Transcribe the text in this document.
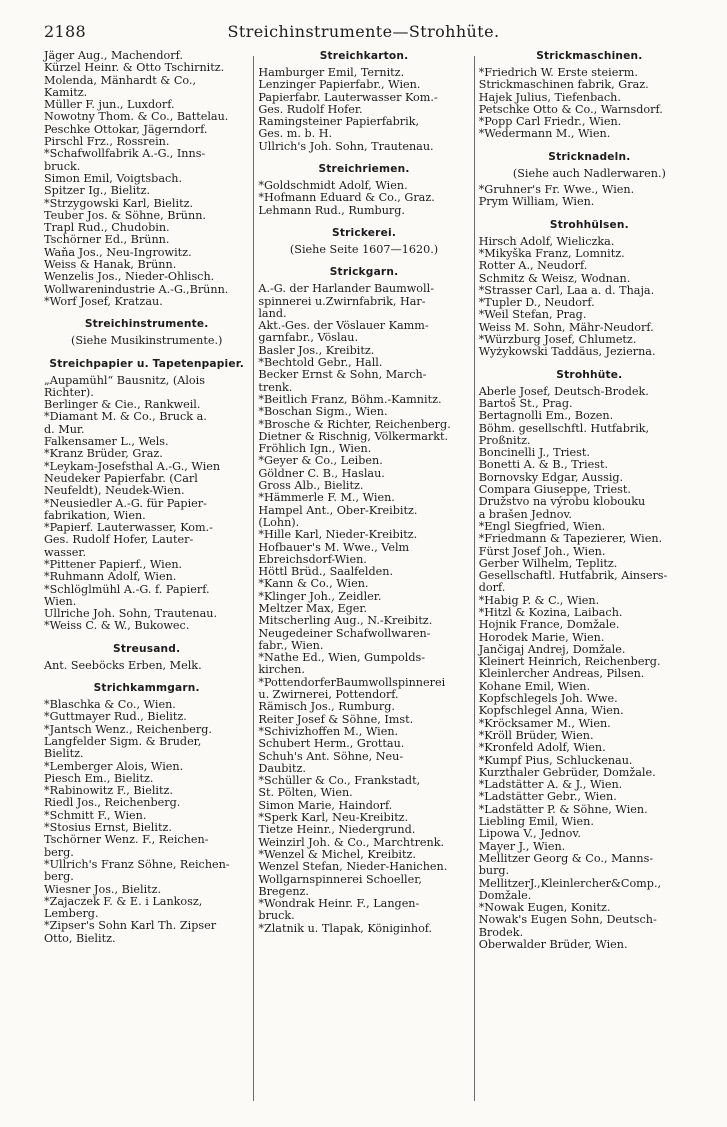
2188	Streichinstrumente—Strohhüte.
Jäger Aug., Machendorf.
Kürzel Heinr. & Otto Tschirnitz.
Molenda, Mänhardt & Co.,
Kamitz.
Müller F. jun., Luxdorf.
Nowotny Thom. & Co., Battelau.
Peschke Ottokar, Jägerndorf.
Pirschl Frz., Rossrein.
*Schafwollfabrik A.-G., Inns-
bruck.
Simon Emil, Voigtsbach.
Spitzer Ig., Bielitz.
*Strzygowski Karl, Bielitz.
Teuber Jos. & Söhne, Brünn.
Trapl Rud., Chudobin.
Tschörner Ed., Brünn.
Waňa Jos., Neu-Ingrowitz.
Weiss & Hanak, Brünn.
Wenzelis Jos., Nieder-Ohlisch.
Wollwarenindustrie A.-G.,Brünn.
*Worf Josef, Kratzau.
Streichinstrumente.
(Siehe Musikinstrumente.)
Streichpapier u. Tapetenpapier.
„Aupamühl“ Bausnitz, (Alois
Richter).
Berlinger & Cie., Rankweil.
*Diamant M. & Co., Bruck a.
d. Mur.
Falkensamer L., Wels.
*Kranz Brüder, Graz.
*Leykam-Josefsthal A.-G., Wien
Neudeker Papierfabr. (Carl
Neufeldt), Neudek-Wien.
*Neusiedler A.-G. für Papier-
fabrikation, Wien.
*Papierf. Lauterwasser, Kom.-
Ges. Rudolf Hofer, Lauter-
wasser.
*Pittener Papierf., Wien.
*Ruhmann Adolf, Wien.
*Schlöglmühl A.-G. f. Papierf.
Wien.
Ullriche Joh. Sohn, Trautenau.
*Weiss C. & W., Bukowec.
Streusand.
Ant. Seeböcks Erben, Melk.
Strichkammgarn.
*Blaschka & Co., Wien.
*Guttmayer Rud., Bielitz.
*Jantsch Wenz., Reichenberg.
Langfelder Sigm. & Bruder,
Bielitz.
*Lemberger Alois, Wien.
Piesch Em., Bielitz.
*Rabinowitz F., Bielitz.
Riedl Jos., Reichenberg.
*Schmitt F., Wien.
*Stosius Ernst, Bielitz.
Tschörner Wenz. F., Reichen-
berg.
*Ullrich's Franz Söhne, Reichen-
berg.
Wiesner Jos., Bielitz.
*Zajaczek F. & E. i Lankosz,
Lemberg.
*Zipser's Sohn Karl Th. Zipser
Otto, Bielitz.
Streichkarton.
Hamburger Emil, Ternitz.
Lenzinger Papierfabr., Wien.
Papierfabr. Lauterwasser Kom.-
Ges. Rudolf Hofer.
Ramingsteiner Papierfabrik,
Ges. m. b. H.
Ullrich's Joh. Sohn, Trautenau.
Streichriemen.
*Goldschmidt Adolf, Wien.
*Hofmann Eduard & Co., Graz.
Lehmann Rud., Rumburg.
Strickerei.
(Siehe Seite 1607—1620.)
Strickgarn.
A.-G. der Harlander Baumwoll-
spinnerei u.Zwirnfabrik, Har-
land.
Akt.-Ges. der Vöslauer Kamm-
garnfabr., Vöslau.
Basler Jos., Kreibitz.
*Bechtold Gebr., Hall.
Becker Ernst & Sohn, March-
trenk.
*Beitlich Franz, Böhm.-Kamnitz.
*Boschan Sigm., Wien.
*Brosche & Richter, Reichenberg.
Dietner & Rischnig, Völkermarkt.
Fröhlich Ign., Wien.
*Geyer & Co., Leiben.
Göldner C. B., Haslau.
Gross Alb., Bielitz.
*Hämmerle F. M., Wien.
Hampel Ant., Ober-Kreibitz.
(Lohn).
*Hille Karl, Nieder-Kreibitz.
Hofbauer's M. Wwe., Velm
Ebreichsdorf-Wien.
Höttl Brüd., Saalfelden.
*Kann & Co., Wien.
*Klinger Joh., Zeidler.
Meltzer Max, Eger.
Mitscherling Aug., N.-Kreibitz.
Neugedeiner Schafwollwaren-
fabr., Wien.
*Nathe Ed., Wien, Gumpolds-
kirchen.
*PottendorferBaumwollspinnerei
u. Zwirnerei, Pottendorf.
Rämisch Jos., Rumburg.
Reiter Josef & Söhne, Imst.
*Schivizhoffen M., Wien.
Schubert Herm., Grottau.
Schuh's Ant. Söhne, Neu-
Daubitz.
*Schüller & Co., Frankstadt,
St. Pölten, Wien.
Simon Marie, Haindorf.
*Sperk Karl, Neu-Kreibitz.
Tietze Heinr., Niedergrund.
Weinzirl Joh. & Co., Marchtrenk.
*Wenzel & Michel, Kreibitz.
Wenzel Stefan, Nieder-Hanichen.
Wollgarnspinnerei Schoeller,
Bregenz.
*Wondrak Heinr. F., Langen-
bruck.
*Zlatnik u. Tlapak, Königinhof.
Strickmaschinen.
*Friedrich W. Erste steierm.
Strickmaschinen fabrik, Graz.
Hajek Julius, Tiefenbach.
Petschke Otto & Co., Warnsdorf.
*Popp Carl Friedr., Wien.
*Wedermann M., Wien.
Stricknadeln.
(Siehe auch Nadlerwaren.)
*Gruhner's Fr. Wwe., Wien.
Prym William, Wien.
Strohhülsen.
Hirsch Adolf, Wieliczka.
*Mikyška Franz, Lomnitz.
Rotter A., Neudorf.
Schmitz & Weisz, Wodnan.
*Strasser Carl, Laa a. d. Thaja.
*Tupler D., Neudorf.
*Weil Stefan, Prag.
Weiss M. Sohn, Mähr-Neudorf.
*Würzburg Josef, Chlumetz.
Wyżykowski Taddäus, Jezierna.
Strohhüte.
Aberle Josef, Deutsch-Brodek.
Bartoš St., Prag.
Bertagnolli Em., Bozen.
Böhm. gesellschftl. Hutfabrik,
Proßnitz.
Boncinelli J., Triest.
Bonetti A. & B., Triest.
Bornovsky Edgar, Aussig.
Compara Giuseppe, Triest.
Družstvo na výrobu klobouku
a brašen Jednov.
*Engl Siegfried, Wien.
*Friedmann & Tapezierer, Wien.
Fürst Josef Joh., Wien.
Gerber Wilhelm, Teplitz.
Gesellschaftl. Hutfabrik, Ainsers-
dorf.
*Habig P. & C., Wien.
*Hitzl & Kozina, Laibach.
Hojnik France, Domžale.
Horodek Marie, Wien.
Jančigaj Andrej, Domžale.
Kleinert Heinrich, Reichenberg.
Kleinlercher Andreas, Pilsen.
Kohane Emil, Wien.
Kopfschlegels Joh. Wwe.
Kopfschlegel Anna, Wien.
*Kröcksamer M., Wien.
*Kröll Brüder, Wien.
*Kronfeld Adolf, Wien.
*Kumpf Pius, Schluckenau.
Kurzthaler Gebrüder, Domžale.
*Ladstätter A. & J., Wien.
*Ladstätter Gebr., Wien.
*Ladstätter P. & Söhne, Wien.
Liebling Emil, Wien.
Lipowa V., Jednov.
Mayer J., Wien.
Mellitzer Georg & Co., Manns-
burg.
MellitzerJ.,Kleinlercher&Comp.,
Domžale.
*Nowak Eugen, Konitz.
Nowak's Eugen Sohn, Deutsch-
Brodek.
Oberwalder Brüder, Wien.
